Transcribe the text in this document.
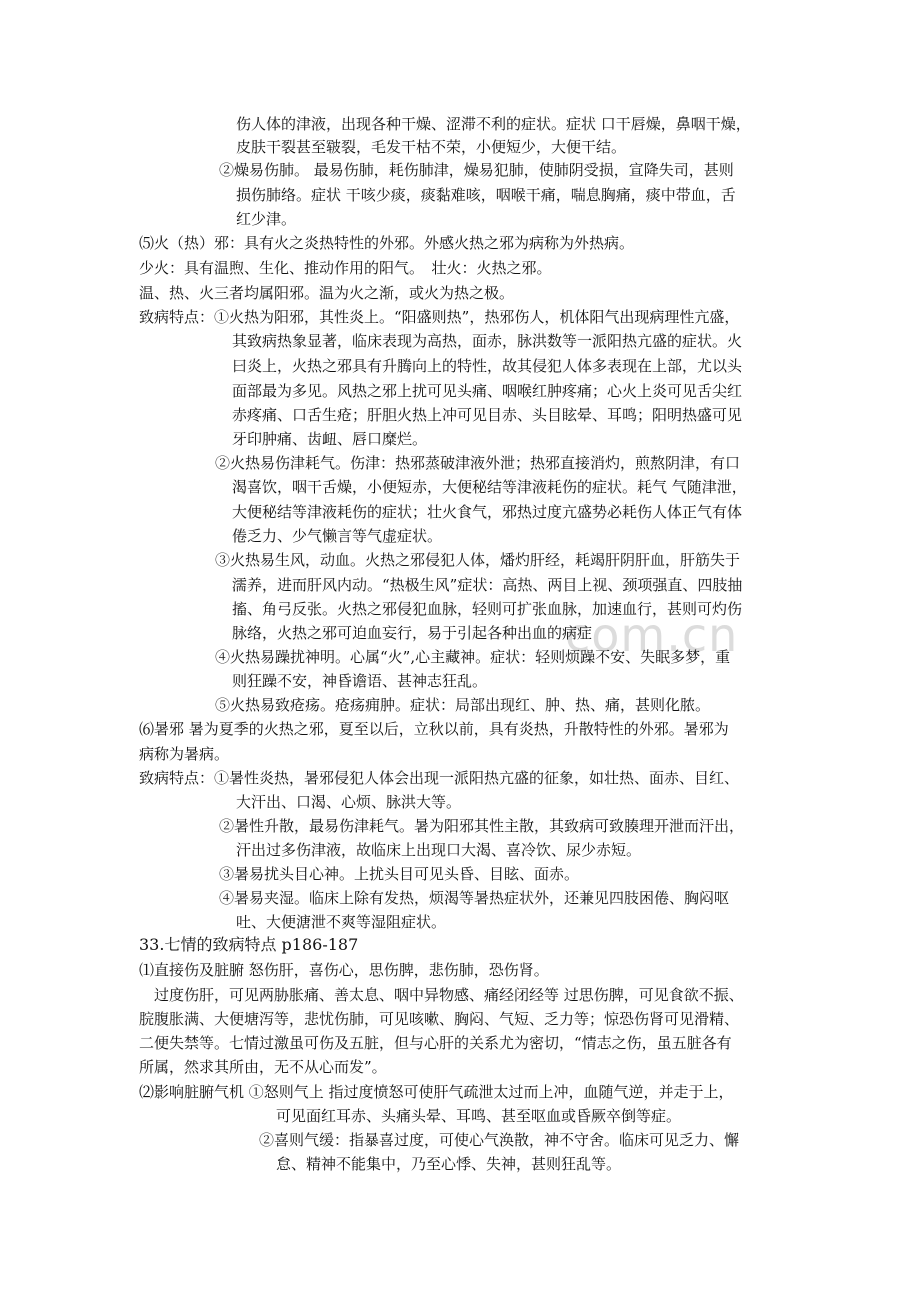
com.cn
伤人体的津液，出现各种干燥、涩滞不利的症状。症状 口干唇燥，鼻咽干燥，
皮肤干裂甚至皲裂，毛发干枯不荣，小便短少，大便干结。
②燥易伤肺。 最易伤肺，耗伤肺津，燥易犯肺，使肺阴受损，宣降失司，甚则
损伤肺络。症状 干咳少痰，痰黏难咳，咽喉干痛，喘息胸痛，痰中带血，舌
红少津。
⑸火（热）邪：具有火之炎热特性的外邪。外感火热之邪为病称为外热病。
少火：具有温煦、生化、推动作用的阳气。　壮火：火热之邪。
温、热、火三者均属阳邪。温为火之渐，或火为热之极。
致病特点：①火热为阳邪，其性炎上。“阳盛则热”，热邪伤人，机体阳气出现病理性亢盛，
其致病热象显著，临床表现为高热，面赤，脉洪数等一派阳热亢盛的症状。火
曰炎上，火热之邪具有升腾向上的特性，故其侵犯人体多表现在上部，尤以头
面部最为多见。风热之邪上扰可见头痛、咽喉红肿疼痛；心火上炎可见舌尖红
赤疼痛、口舌生疮；肝胆火热上冲可见目赤、头目眩晕、耳鸣；阳明热盛可见
牙印肿痛、齿衄、唇口糜烂。
②火热易伤津耗气。伤津：热邪蒸破津液外泄；热邪直接消灼，煎熬阴津，有口
渴喜饮，咽干舌燥，小便短赤，大便秘结等津液耗伤的症状。耗气 气随津泄，
大便秘结等津液耗伤的症状；壮火食气，邪热过度亢盛势必耗伤人体正气有体
倦乏力、少气懒言等气虚症状。
③火热易生风，动血。火热之邪侵犯人体，燔灼肝经，耗竭肝阴肝血，肝筋失于
濡养，进而肝风内动。“热极生风”症状：高热、两目上视、颈项强直、四肢抽
搐、角弓反张。火热之邪侵犯血脉，轻则可扩张血脉，加速血行，甚则可灼伤
脉络，火热之邪可迫血妄行，易于引起各种出血的病症
④火热易躁扰神明。心属“火”,心主藏神。症状：轻则烦躁不安、失眠多梦，重
则狂躁不安，神昏谵语、甚神志狂乱。
⑤火热易致疮疡。疮疡痈肿。症状：局部出现红、肿、热、痛，甚则化脓。
⑹暑邪 暑为夏季的火热之邪，夏至以后，立秋以前，具有炎热，升散特性的外邪。暑邪为
病称为暑病。
致病特点：①暑性炎热，暑邪侵犯人体会出现一派阳热亢盛的征象，如壮热、面赤、目红、
大汗出、口渴、心烦、脉洪大等。
②暑性升散，最易伤津耗气。暑为阳邪其性主散，其致病可致腠理开泄而汗出，
汗出过多伤津液，故临床上出现口大渴、喜冷饮、尿少赤短。
③暑易扰头目心神。上扰头目可见头昏、目眩、面赤。
④暑易夹湿。临床上除有发热，烦渴等暑热症状外，还兼见四肢困倦、胸闷呕
吐、大便溏泄不爽等湿阻症状。
33.七情的致病特点 p186-187
⑴直接伤及脏腑 怒伤肝，喜伤心，思伤脾，悲伤肺，恐伤肾。
　过度伤肝，可见两胁胀痛、善太息、咽中异物感、痛经闭经等 过思伤脾，可见食欲不振、
脘腹胀满、大便塘泻等，悲忧伤肺，可见咳嗽、胸闷、气短、乏力等；惊恐伤肾可见滑精、
二便失禁等。七情过激虽可伤及五脏，但与心肝的关系尤为密切，“情志之伤，虽五脏各有
所属，然求其所由，无不从心而发”。
⑵影响脏腑气机 ①怒则气上 指过度愤怒可使肝气疏泄太过而上冲，血随气逆，并走于上，
可见面红耳赤、头痛头晕、耳鸣、甚至呕血或昏厥卒倒等症。
②喜则气缓：指暴喜过度，可使心气涣散，神不守舍。临床可见乏力、懈
怠、精神不能集中，乃至心悸、失神，甚则狂乱等。
